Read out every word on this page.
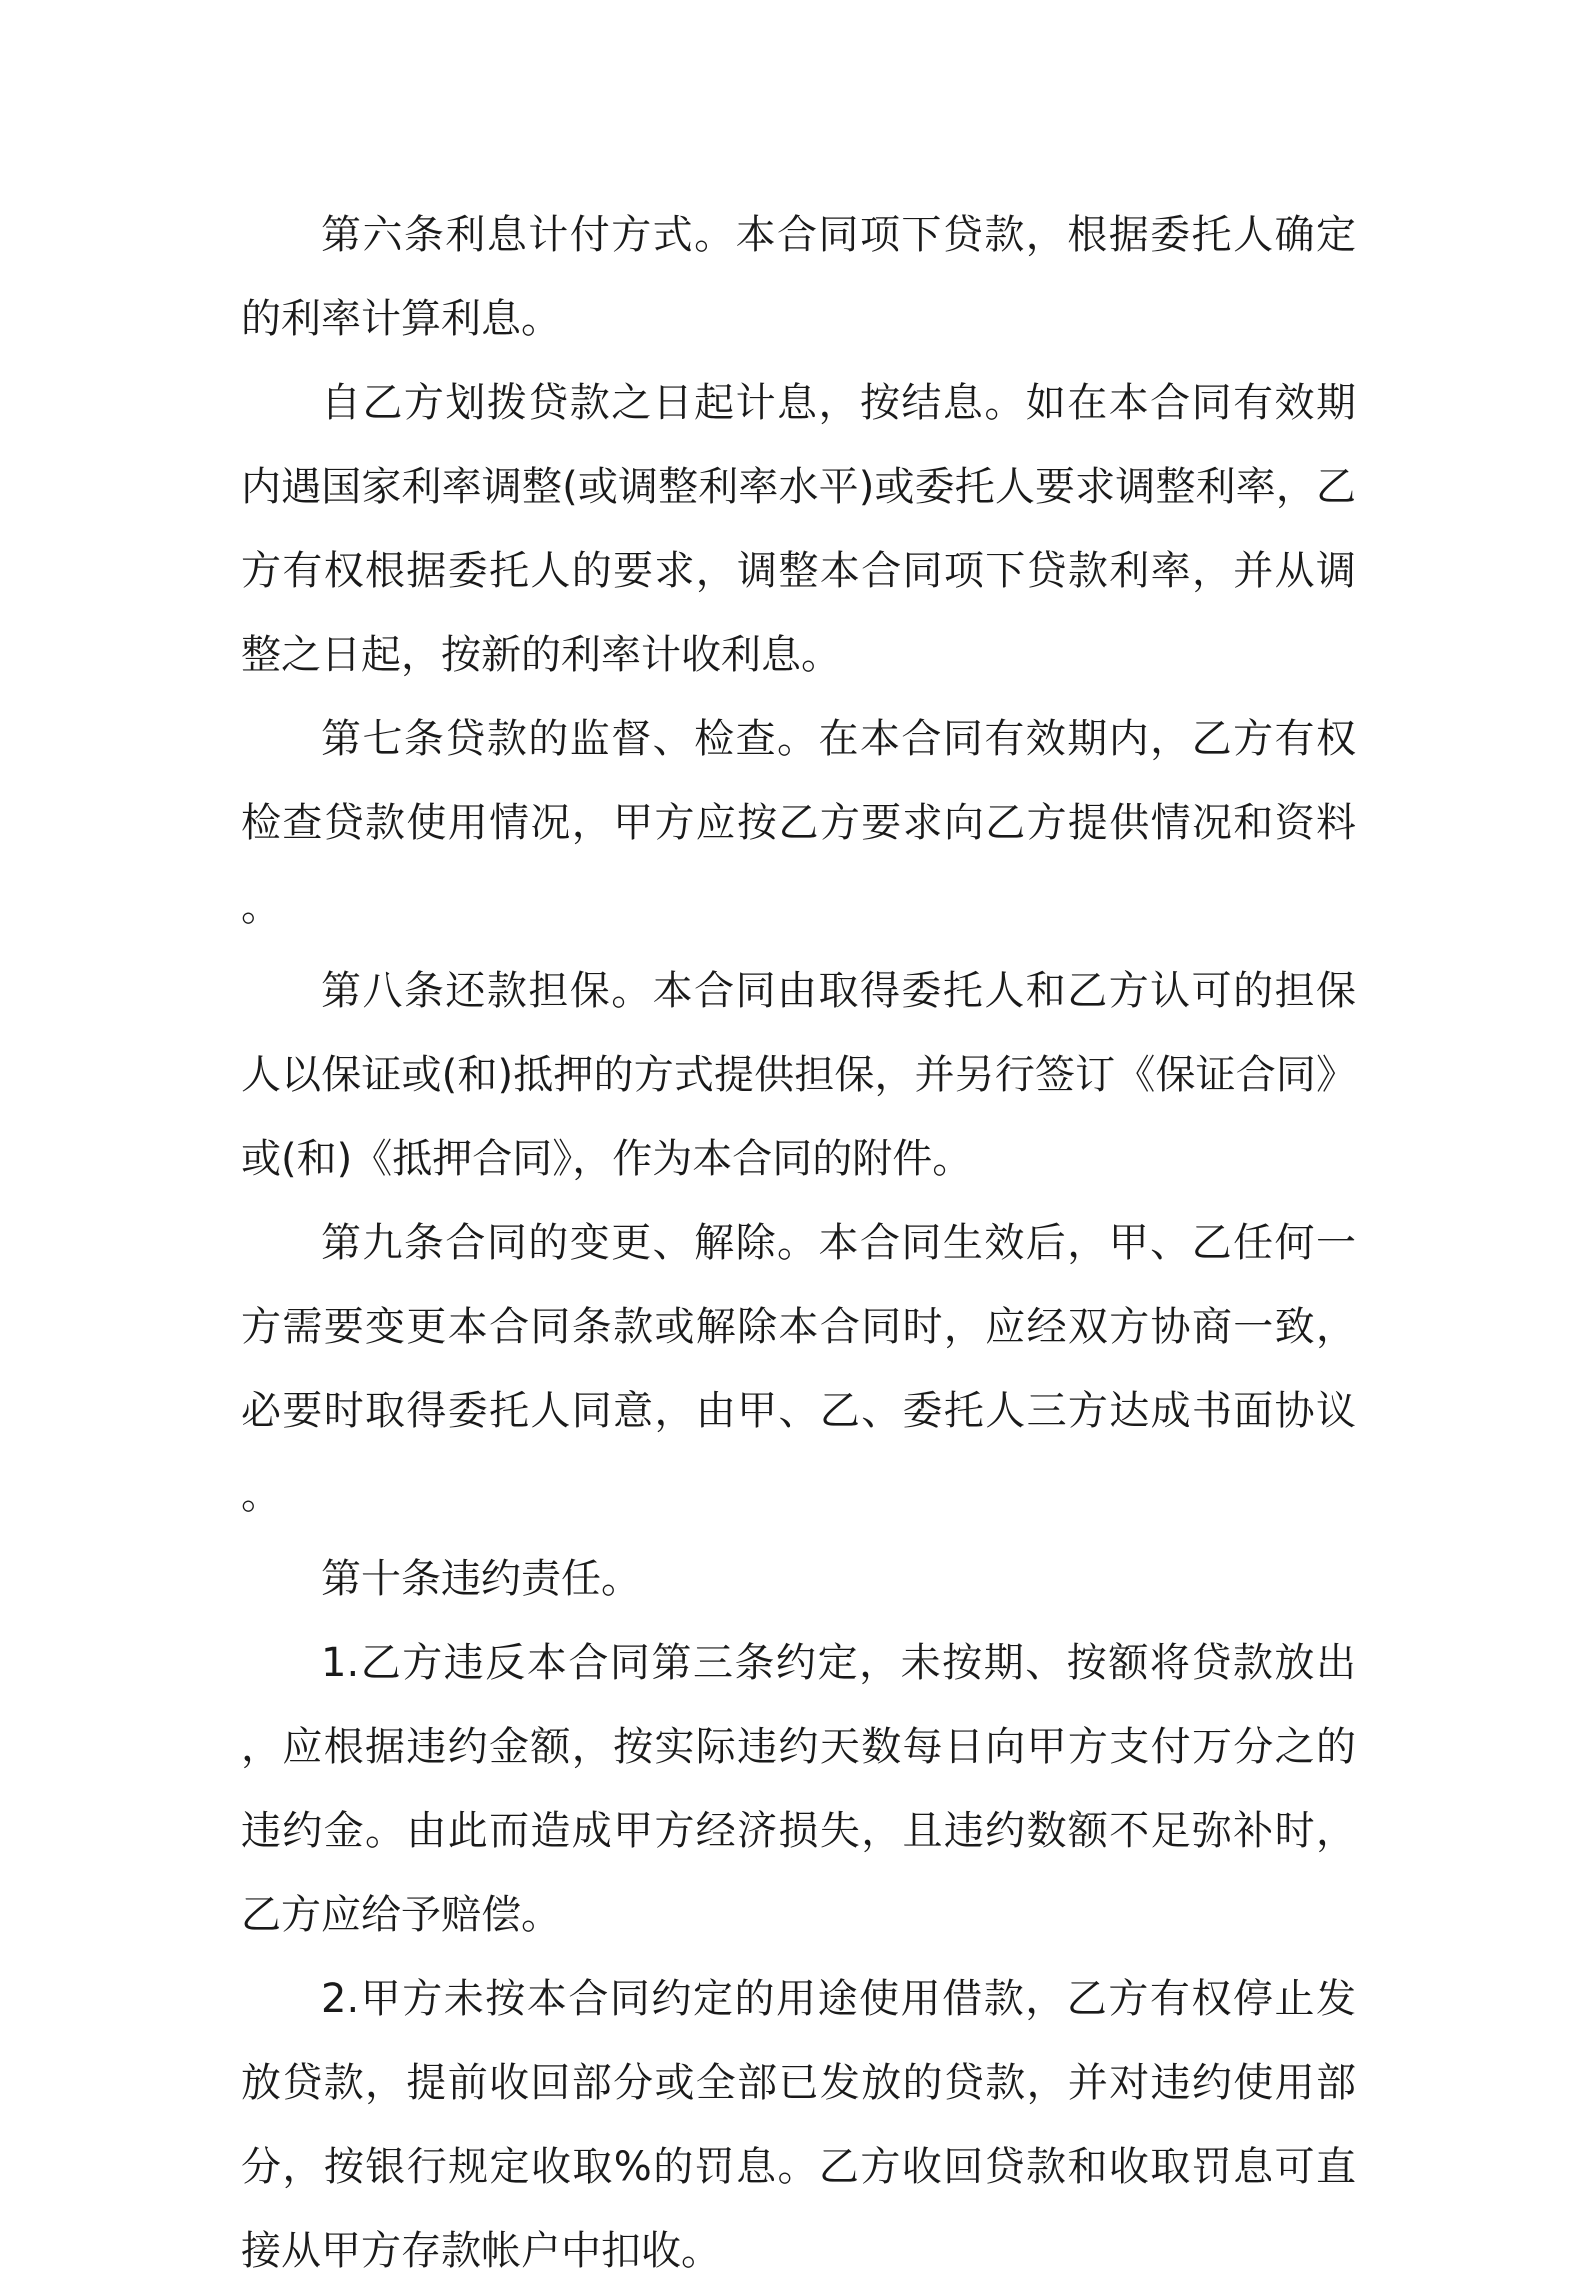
第六条利息计付方式。本合同项下贷款，根据委托人确定的利率计算利息。

自乙方划拨贷款之日起计息，按结息。如在本合同有效期内遇国家利率调整(或调整利率水平)或委托人要求调整利率，乙方有权根据委托人的要求，调整本合同项下贷款利率，并从调整之日起，按新的利率计收利息。

第七条贷款的监督、检查。在本合同有效期内，乙方有权检查贷款使用情况，甲方应按乙方要求向乙方提供情况和资料。

第八条还款担保。本合同由取得委托人和乙方认可的担保人以保证或(和)抵押的方式提供担保，并另行签订《保证合同》或(和)《抵押合同》，作为本合同的附件。

第九条合同的变更、解除。本合同生效后，甲、乙任何一方需要变更本合同条款或解除本合同时，应经双方协商一致，必要时取得委托人同意，由甲、乙、委托人三方达成书面协议。

第十条违约责任。

1.乙方违反本合同第三条约定，未按期、按额将贷款放出，应根据违约金额，按实际违约天数每日向甲方支付万分之的违约金。由此而造成甲方经济损失，且违约数额不足弥补时，乙方应给予赔偿。

2.甲方未按本合同约定的用途使用借款，乙方有权停止发放贷款，提前收回部分或全部已发放的贷款，并对违约使用部分，按银行规定收取%的罚息。乙方收回贷款和收取罚息可直接从甲方存款帐户中扣收。
